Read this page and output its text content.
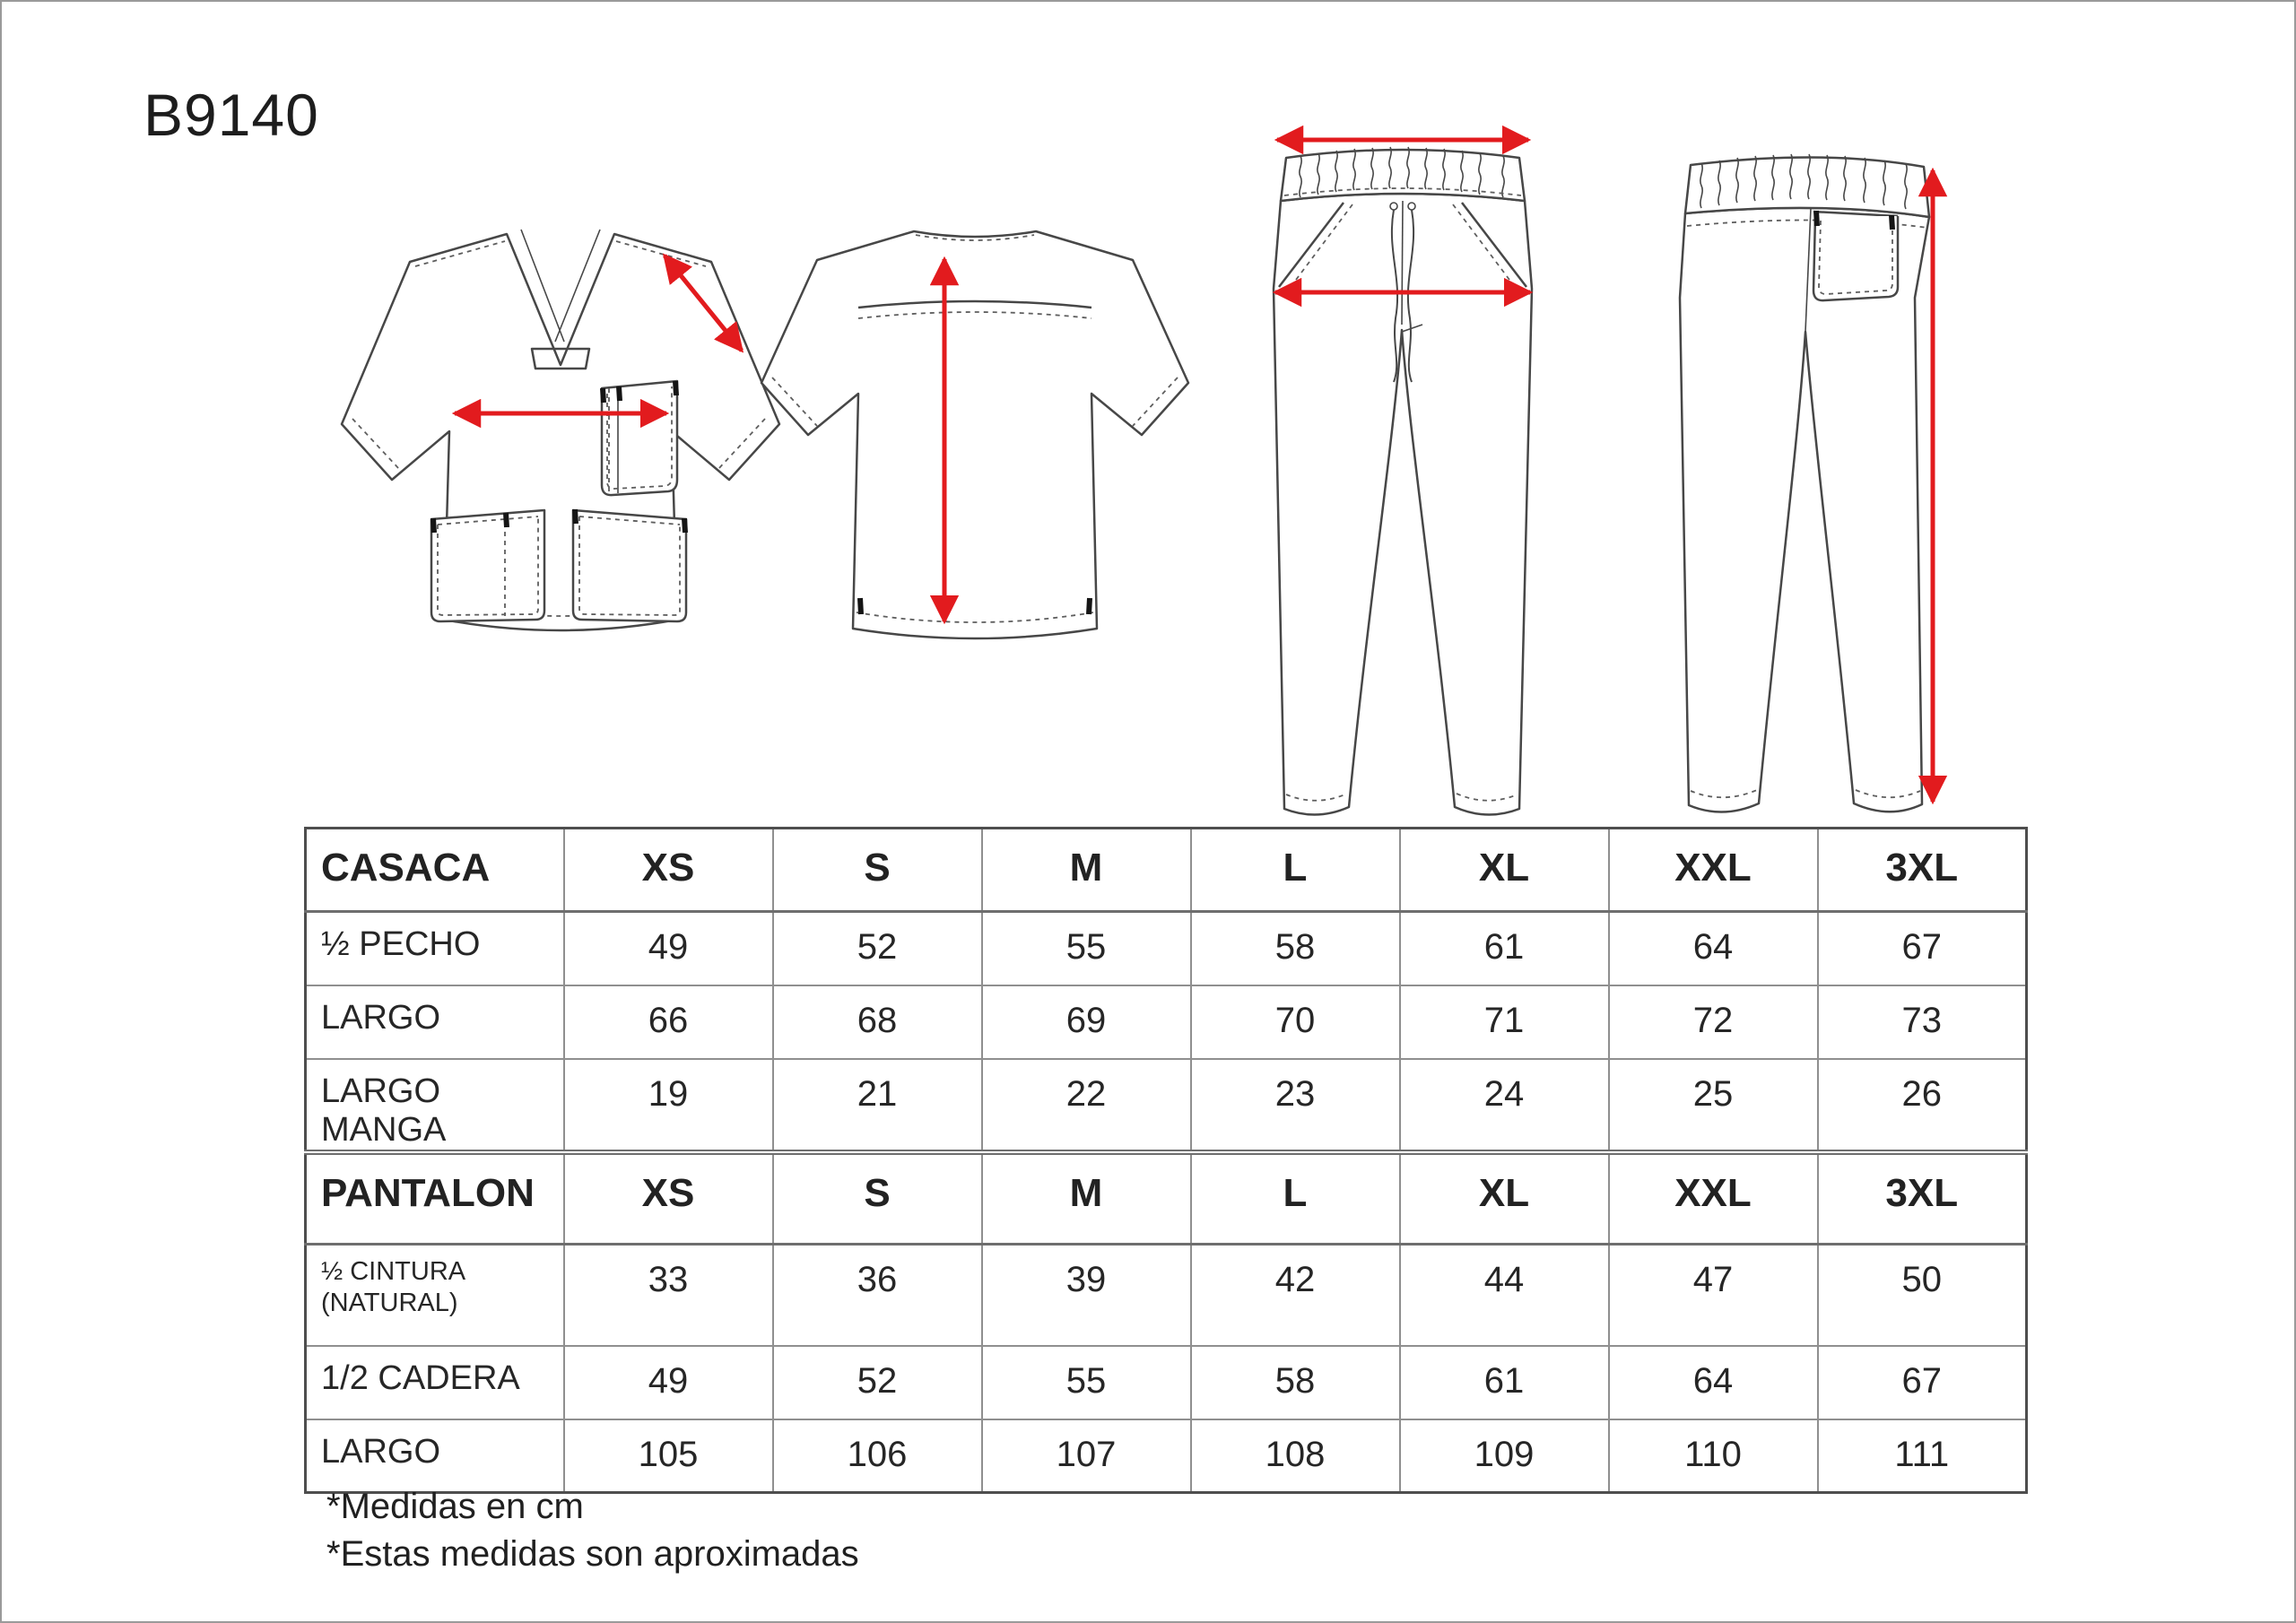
B9140
CASACA	XS	S	M	L	XL	XXL	3XL
½ PECHO	49	52	55	58	61	64	67
LARGO	66	68	69	70	71	72	73
LARGO MANGA	19	21	22	23	24	25	26
PANTALON	XS	S	M	L	XL	XXL	3XL

½ CINTURA
(NATURAL)	33	36	39	42	44	47	50
1/2 CADERA	49	52	55	58	61	64	67
LARGO	105	106	107	108	109	110	111
*Medidas en cm
*Estas medidas son aproximadas
